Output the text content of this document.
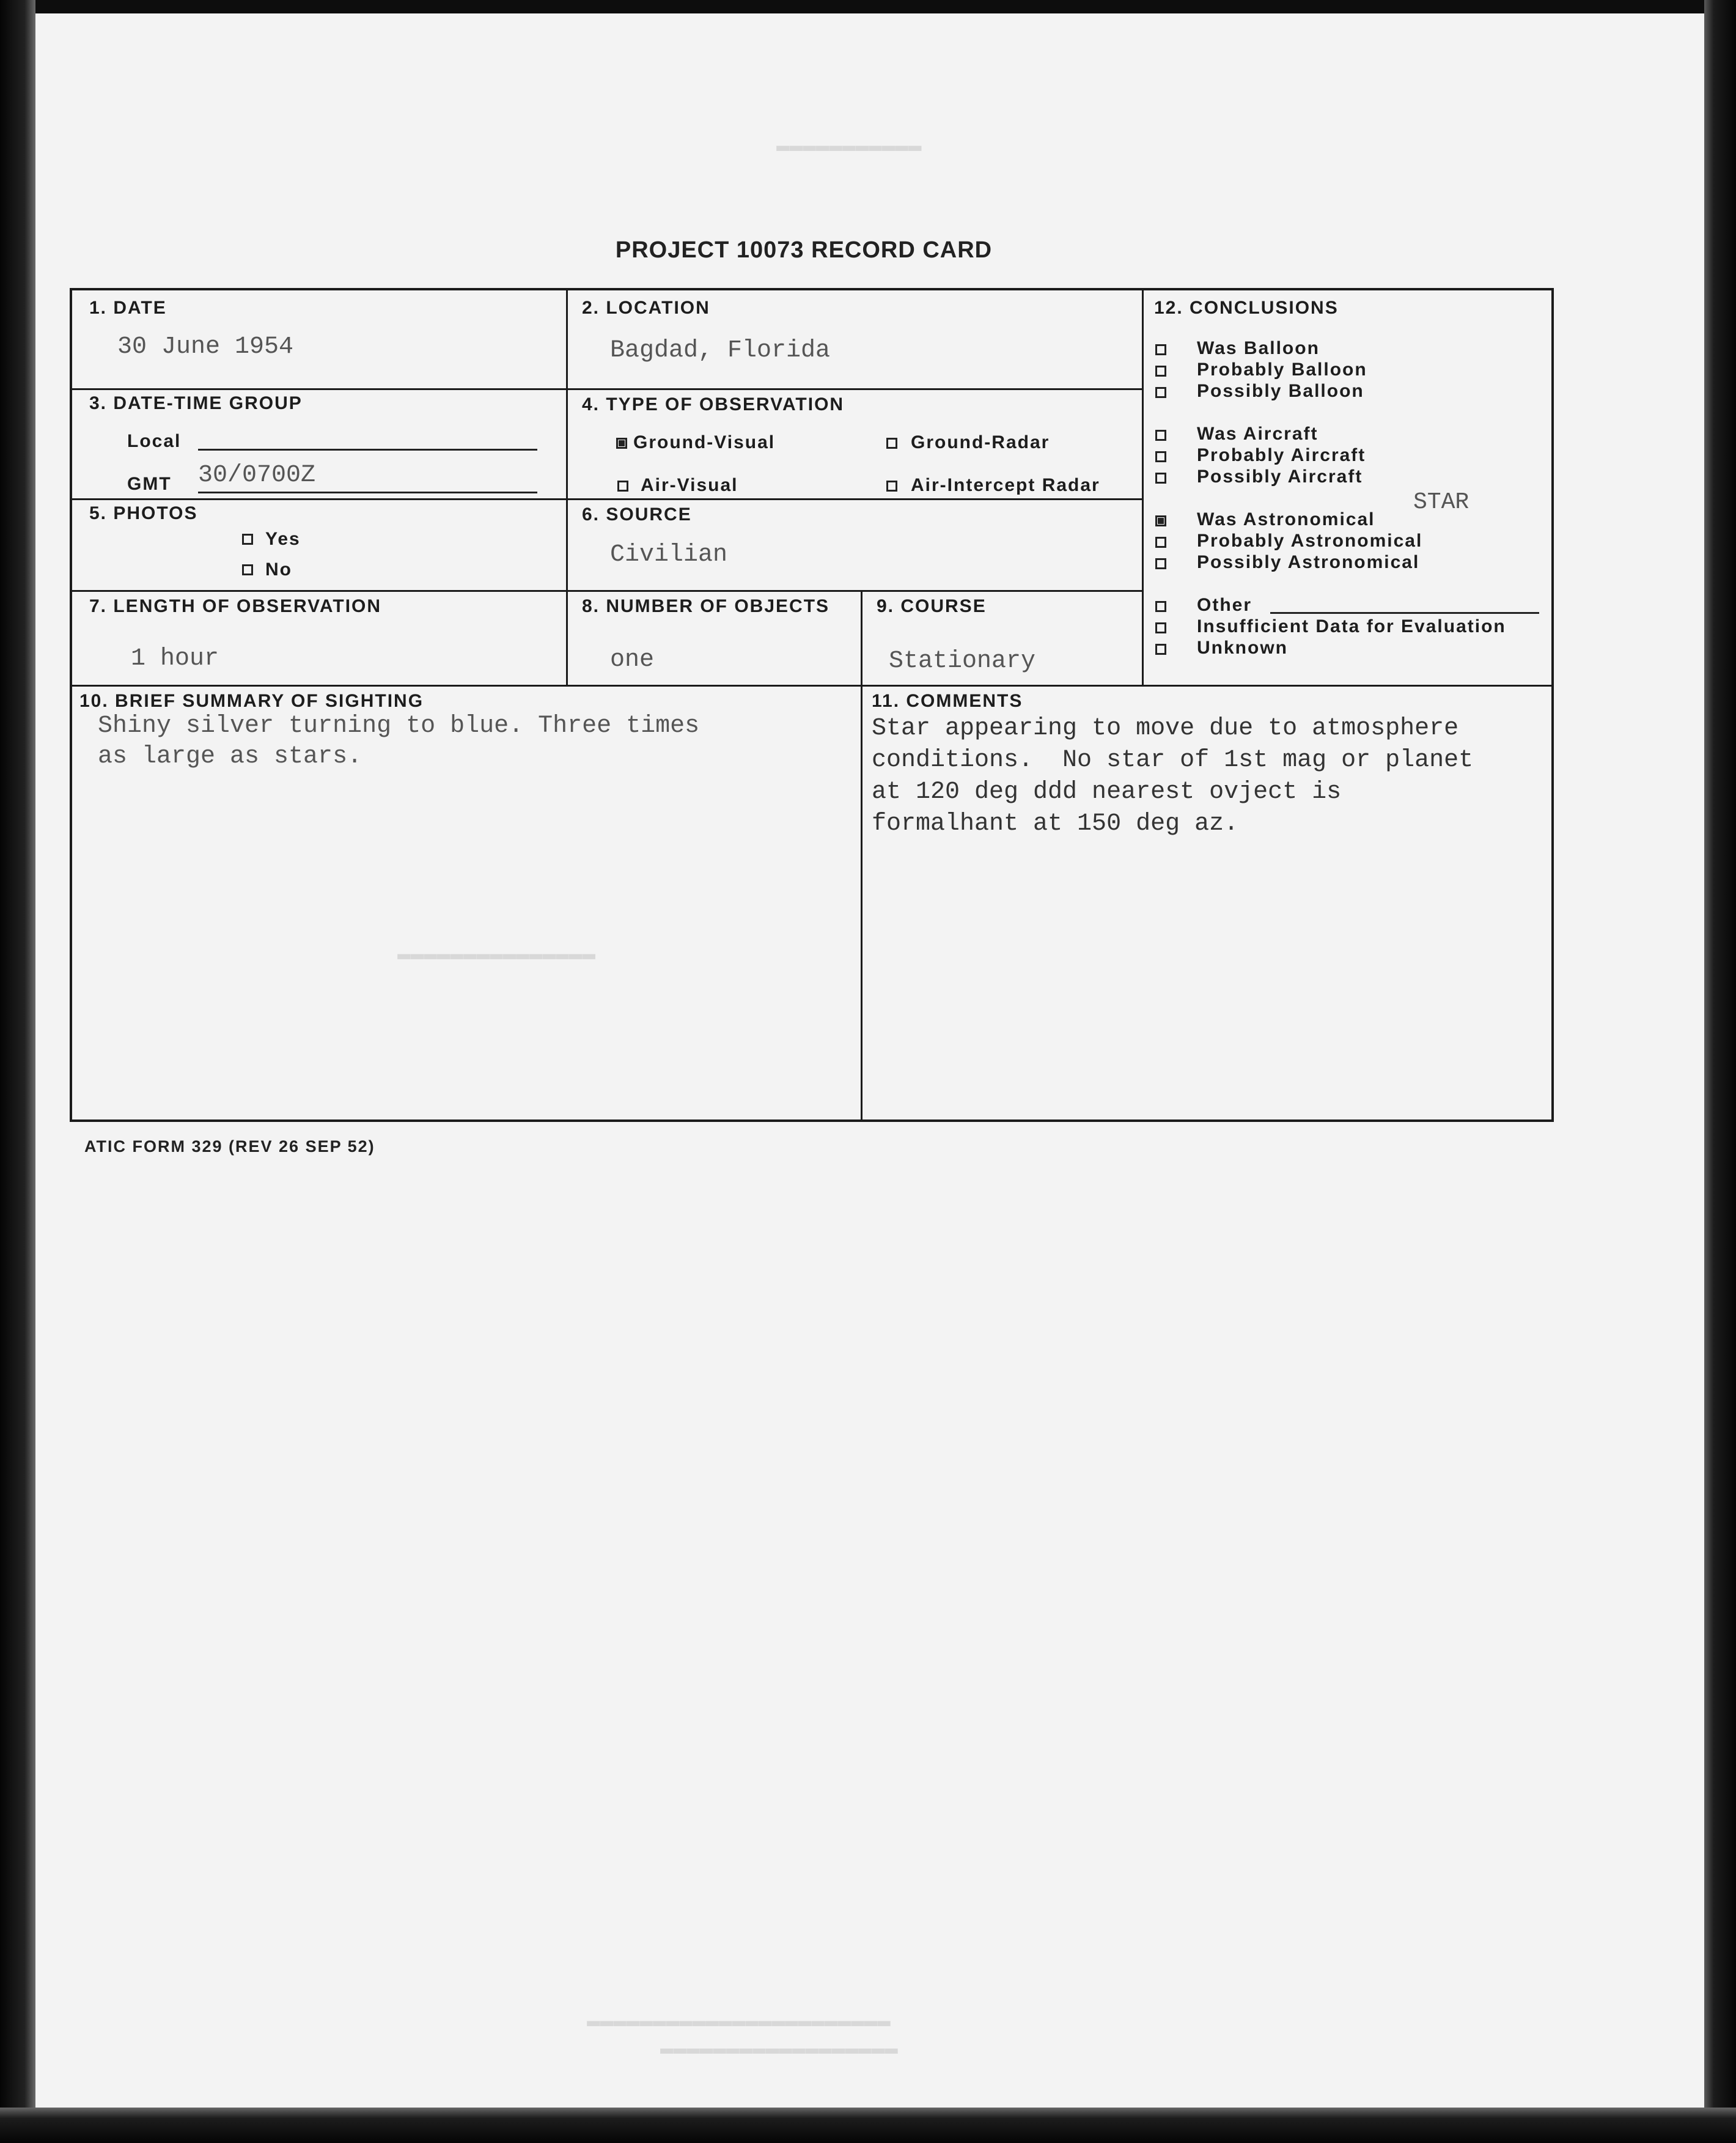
▬▬▬▬▬▬▬▬▬▬▬
▬▬▬▬▬▬▬▬▬▬▬▬▬▬▬
▬▬▬▬▬▬▬▬▬▬▬▬▬▬▬▬▬▬▬▬▬▬▬
▬▬▬▬▬▬▬▬▬▬▬▬▬▬▬▬▬▬
PROJECT 10073 RECORD CARD
1. DATE
30 June 1954
2. LOCATION
Bagdad, Florida
3. DATE-TIME GROUP
Local
GMT 30/0700Z
4. TYPE OF OBSERVATION
Ground-Visual	Ground-Radar
Air-Visual	Air-Intercept Radar
5. PHOTOS
Yes
No
6. SOURCE
Civilian
7. LENGTH OF OBSERVATION
1 hour
8. NUMBER OF OBJECTS
one
9. COURSE
Stationary
12. CONCLUSIONS
STAR
Was Balloon
Probably Balloon
Possibly Balloon
Was Aircraft
Probably Aircraft
Possibly Aircraft
Was Astronomical
Probably Astronomical
Possibly Astronomical
Other
Insufficient Data for Evaluation
Unknown
10. BRIEF SUMMARY OF SIGHTING
Shiny silver turning to blue. Three times
as large as stars.
11. COMMENTS
Star appearing to move due to atmosphere
conditions.  No star of 1st mag or planet
at 120 deg ddd nearest ovject is
formalhant at 150 deg az.
ATIC FORM 329 (REV 26 SEP 52)
